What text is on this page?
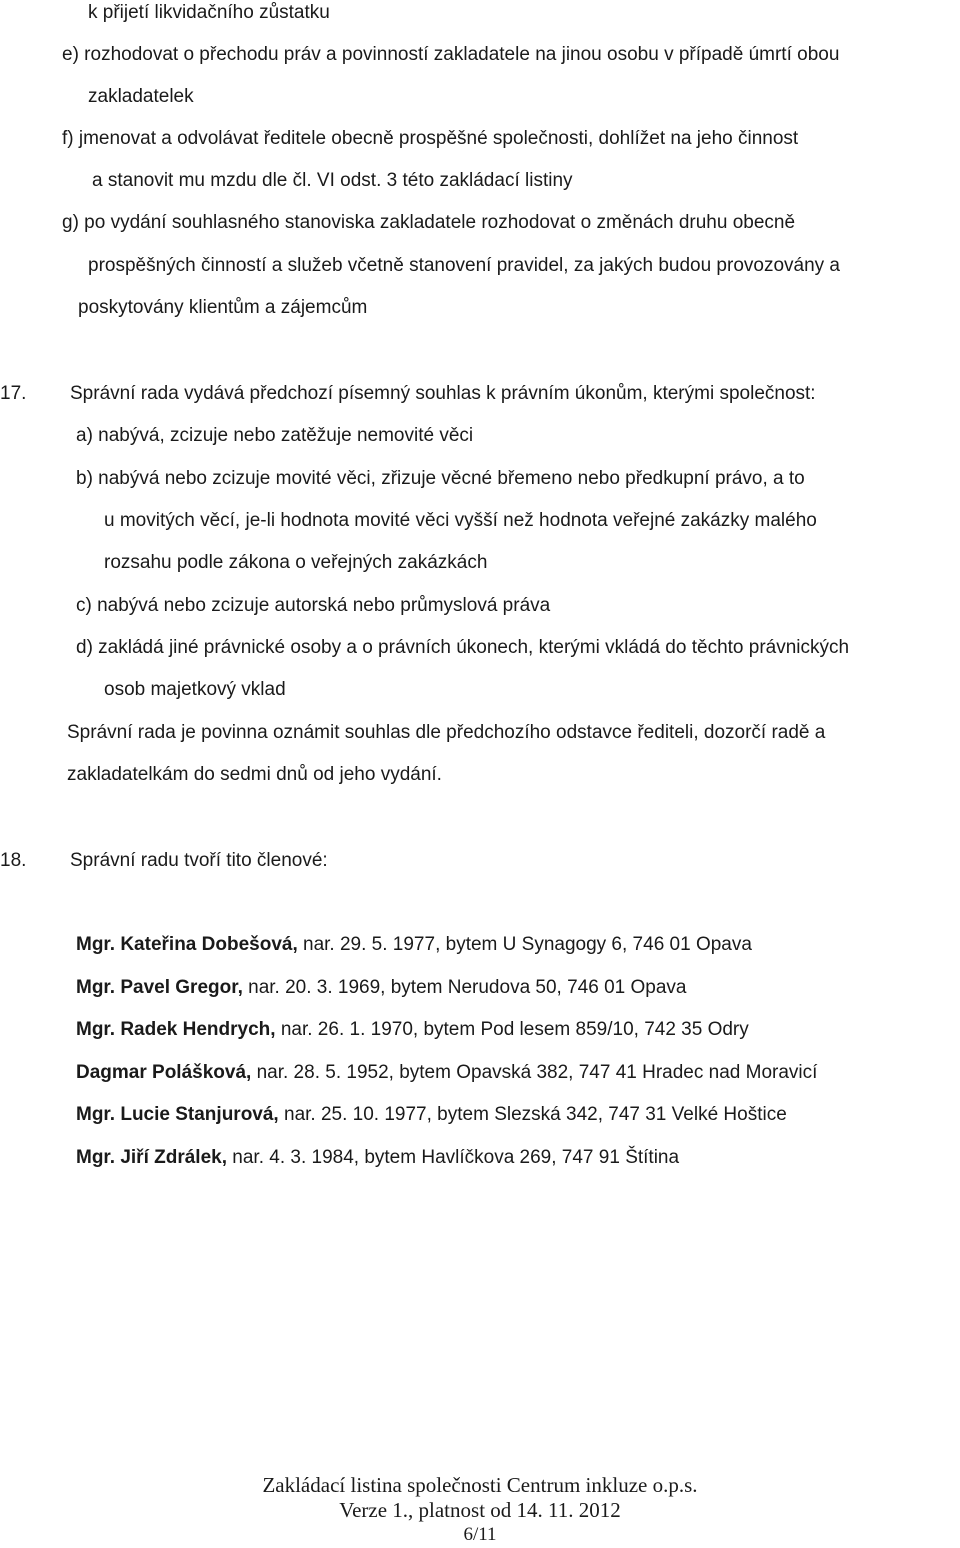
k přijetí likvidačního zůstatku
e) rozhodovat o přechodu práv a povinností zakladatele na jinou osobu v případě úmrtí obou
zakladatelek
f) jmenovat a odvolávat ředitele obecně prospěšné společnosti, dohlížet na jeho činnost
a stanovit mu mzdu dle čl. VI odst. 3 této zakládací listiny
g) po vydání souhlasného stanoviska zakladatele rozhodovat o změnách druhu obecně
prospěšných činností a služeb včetně stanovení pravidel, za jakých budou provozovány a
poskytovány klientům a zájemcům
17. Správní rada vydává předchozí písemný souhlas k právním úkonům, kterými společnost:
a) nabývá, zcizuje nebo zatěžuje nemovité věci
b) nabývá nebo zcizuje movité věci, zřizuje věcné břemeno nebo předkupní právo, a to
u movitých věcí, je-li hodnota movité věci vyšší než hodnota veřejné zakázky malého
rozsahu podle zákona o veřejných zakázkách
c) nabývá nebo zcizuje autorská nebo průmyslová práva
d) zakládá jiné právnické osoby a o právních úkonech, kterými vkládá do těchto právnických
osob majetkový vklad
Správní rada je povinna oznámit souhlas dle předchozího odstavce řediteli, dozorčí radě a
zakladatelkám do sedmi dnů od jeho vydání.
18. Správní radu tvoří tito členové:
Mgr. Kateřina Dobešová, nar. 29. 5. 1977, bytem U Synagogy 6, 746 01 Opava
Mgr. Pavel Gregor, nar. 20. 3. 1969, bytem Nerudova 50, 746 01 Opava
Mgr. Radek Hendrych, nar. 26. 1. 1970, bytem Pod lesem 859/10, 742 35 Odry
Dagmar Polášková, nar. 28. 5. 1952, bytem Opavská 382, 747 41 Hradec nad Moravicí
Mgr. Lucie Stanjurová, nar. 25. 10. 1977, bytem Slezská 342, 747 31 Velké Hoštice
Mgr. Jiří Zdrálek, nar. 4. 3. 1984, bytem Havlíčkova 269, 747 91 Štítina
Zakládací listina společnosti Centrum inkluze o.p.s.
Verze 1., platnost od 14. 11. 2012
6/11
